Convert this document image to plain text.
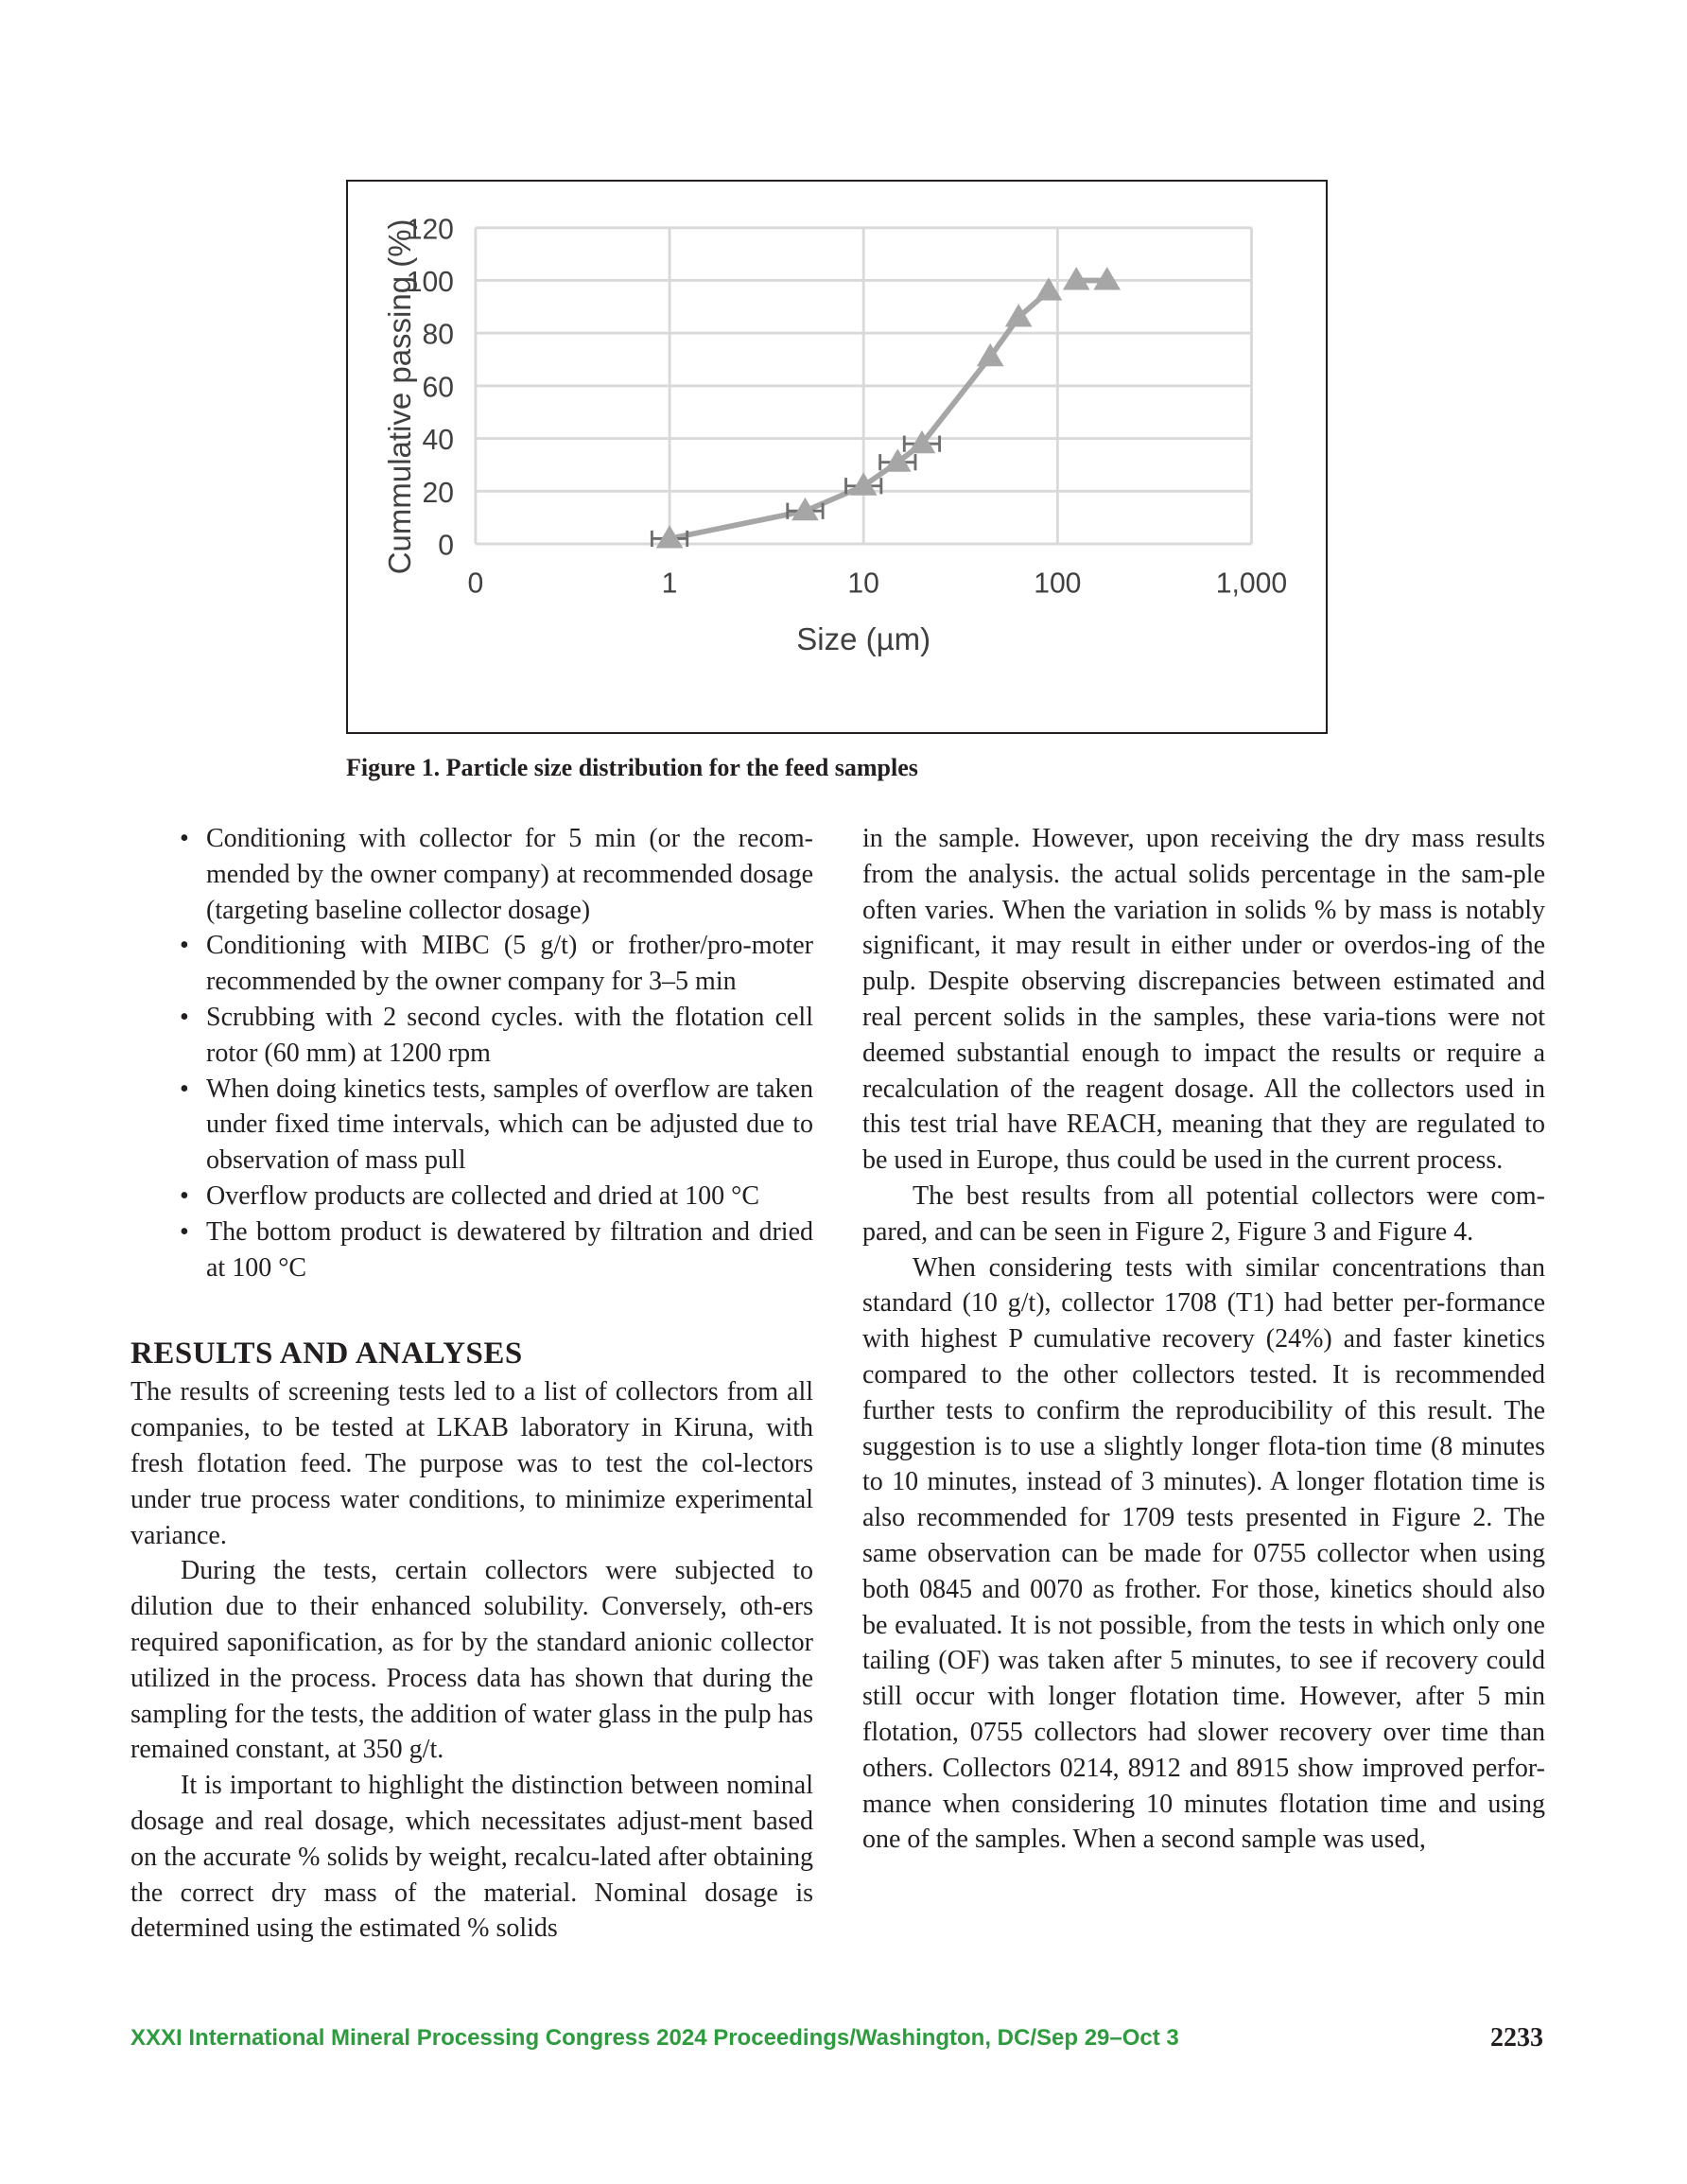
0
20
40
60
80
100
120
0	1	10	100	1,000
Size (µm)
Cummulative passing (%)
Figure 1. Particle size distribution for the feed samples
• Conditioning with collector for 5 min (or the recom-mended by the owner company) at recommended dosage (targeting baseline collector dosage)
• Conditioning with MIBC (5 g/t) or frother/pro-moter recommended by the owner company for 3–5 min
• Scrubbing with 2 second cycles. with the flotation cell rotor (60 mm) at 1200 rpm
• When doing kinetics tests, samples of overflow are taken under fixed time intervals, which can be adjusted due to observation of mass pull
• Overflow products are collected and dried at 100 °C
• The bottom product is dewatered by filtration and dried at 100 °C
RESULTS AND ANALYSES

The results of screening tests led to a list of collectors from all companies, to be tested at LKAB laboratory in Kiruna, with fresh flotation feed. The purpose was to test the col-lectors under true process water conditions, to minimize experimental variance.

During the tests, certain collectors were subjected to dilution due to their enhanced solubility. Conversely, oth-ers required saponification, as for by the standard anionic collector utilized in the process. Process data has shown that during the sampling for the tests, the addition of water glass in the pulp has remained constant, at 350 g/t.

It is important to highlight the distinction between nominal dosage and real dosage, which necessitates adjust-ment based on the accurate % solids by weight, recalcu-lated after obtaining the correct dry mass of the material. Nominal dosage is determined using the estimated % solids

in the sample. However, upon receiving the dry mass results from the analysis. the actual solids percentage in the sam-ple often varies. When the variation in solids % by mass is notably significant, it may result in either under or overdos-ing of the pulp. Despite observing discrepancies between estimated and real percent solids in the samples, these varia-tions were not deemed substantial enough to impact the results or require a recalculation of the reagent dosage. All the collectors used in this test trial have REACH, meaning that they are regulated to be used in Europe, thus could be used in the current process.

The best results from all potential collectors were com-pared, and can be seen in Figure 2, Figure 3 and Figure 4.

When considering tests with similar concentrations than standard (10 g/t), collector 1708 (T1) had better per-formance with highest P cumulative recovery (24%) and faster kinetics compared to the other collectors tested. It is recommended further tests to confirm the reproducibility of this result. The suggestion is to use a slightly longer flota-tion time (8 minutes to 10 minutes, instead of 3 minutes). A longer flotation time is also recommended for 1709 tests presented in Figure 2. The same observation can be made for 0755 collector when using both 0845 and 0070 as frother. For those, kinetics should also be evaluated. It is not possible, from the tests in which only one tailing (OF) was taken after 5 minutes, to see if recovery could still occur with longer flotation time. However, after 5 min flotation, 0755 collectors had slower recovery over time than others. Collectors 0214, 8912 and 8915 show improved perfor-mance when considering 10 minutes flotation time and using one of the samples. When a second sample was used,

XXXI International Mineral Processing Congress 2024 Proceedings/Washington, DC/Sep 29–Oct 3	2233
